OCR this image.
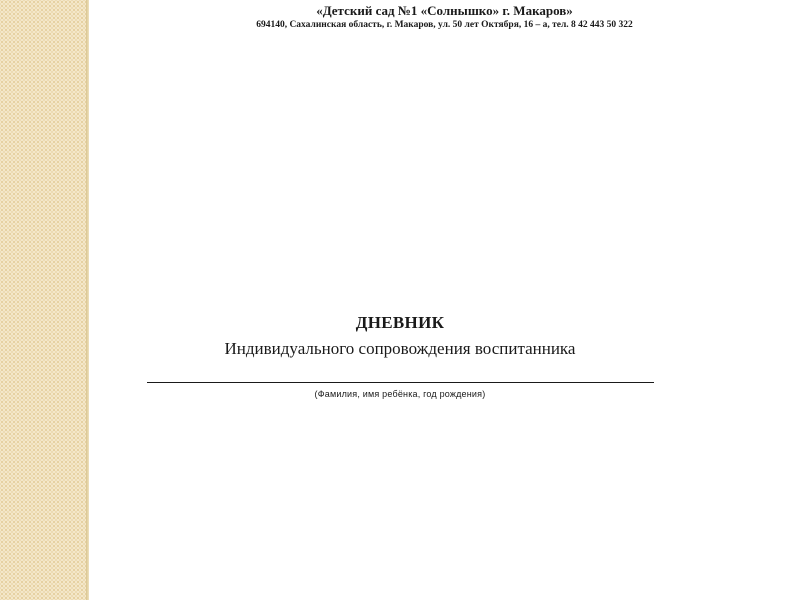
«Детский сад №1 «Солнышко» г. Макаров»
694140, Сахалинская область, г. Макаров, ул. 50 лет Октября, 16 – а, тел. 8 42 443 50 322
ДНЕВНИК
Индивидуального сопровождения воспитанника
(Фамилия, имя ребёнка, год рождения)
